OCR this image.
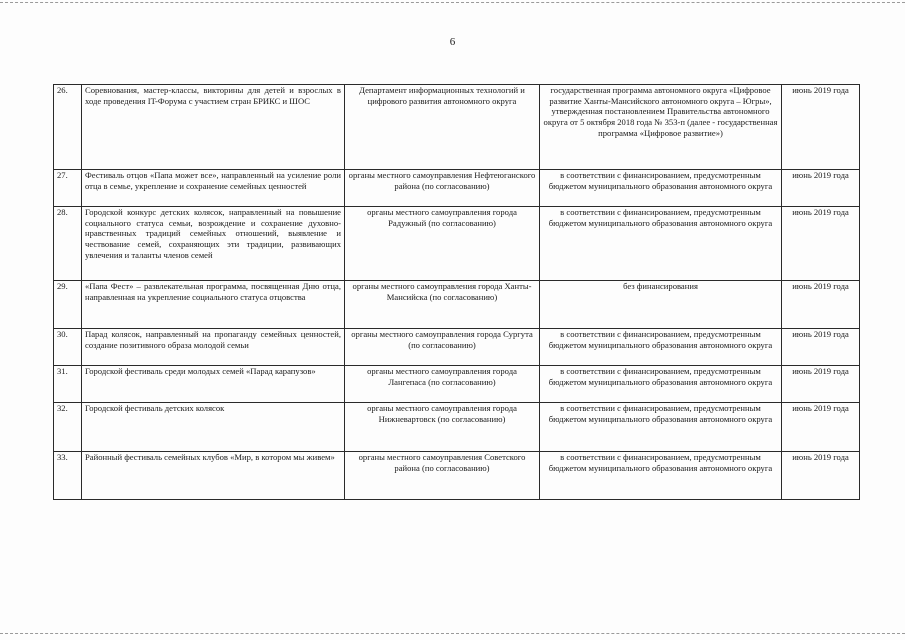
6
26.	Соревнования, мастер-классы, викторины для детей и взрослых в ходе проведения IT-Форума с участием стран БРИКС и ШОС	Департамент информационных технологий и цифрового развития автономного округа	государственная программа автономного округа «Цифровое развитие Ханты-Мансийского автономного округа – Югры», утвержденная постановлением Правительства автономного округа от 5 октября 2018 года № 353-п (далее - государственная программа «Цифровое развитие»)	июнь 2019 года
27.	Фестиваль отцов «Папа может все», направленный на усиление роли отца в семье, укрепление и сохранение семейных ценностей	органы местного самоуправления Нефтеюганского района (по согласованию)	в соответствии с финансированием, предусмотренным бюджетом муниципального образования автономного округа	июнь 2019 года
28.	Городской конкурс детских колясок, направленный на повышение социального статуса семьи, возрождение и сохранение духовно-нравственных традиций семейных отношений, выявление и чествование семей, сохраняющих эти традиции, развивающих увлечения и таланты членов семей	органы местного самоуправления города Радужный (по согласованию)	в соответствии с финансированием, предусмотренным бюджетом муниципального образования автономного округа	июнь 2019 года
29.	«Папа Фест» – развлекательная программа, посвященная Дню отца, направленная на укрепление социального статуса отцовства	органы местного самоуправления города Ханты-Мансийска (по согласованию)	без финансирования	июнь 2019 года
30.	Парад колясок, направленный на пропаганду семейных ценностей, создание позитивного образа молодой семьи	органы местного самоуправления города Сургута (по согласованию)	в соответствии с финансированием, предусмотренным бюджетом муниципального образования автономного округа	июнь 2019 года
31.	Городской фестиваль среди молодых семей «Парад карапузов»	органы местного самоуправления города Лангепаса (по согласованию)	в соответствии с финансированием, предусмотренным бюджетом муниципального образования автономного округа	июнь 2019 года
32.	Городской фестиваль детских колясок	органы местного самоуправления города Нижневартовск (по согласованию)	в соответствии с финансированием, предусмотренным бюджетом муниципального образования автономного округа	июнь 2019 года
33.	Районный фестиваль семейных клубов «Мир, в котором мы живем»	органы местного самоуправления Советского района (по согласованию)	в соответствии с финансированием, предусмотренным бюджетом муниципального образования автономного округа	июнь 2019 года
